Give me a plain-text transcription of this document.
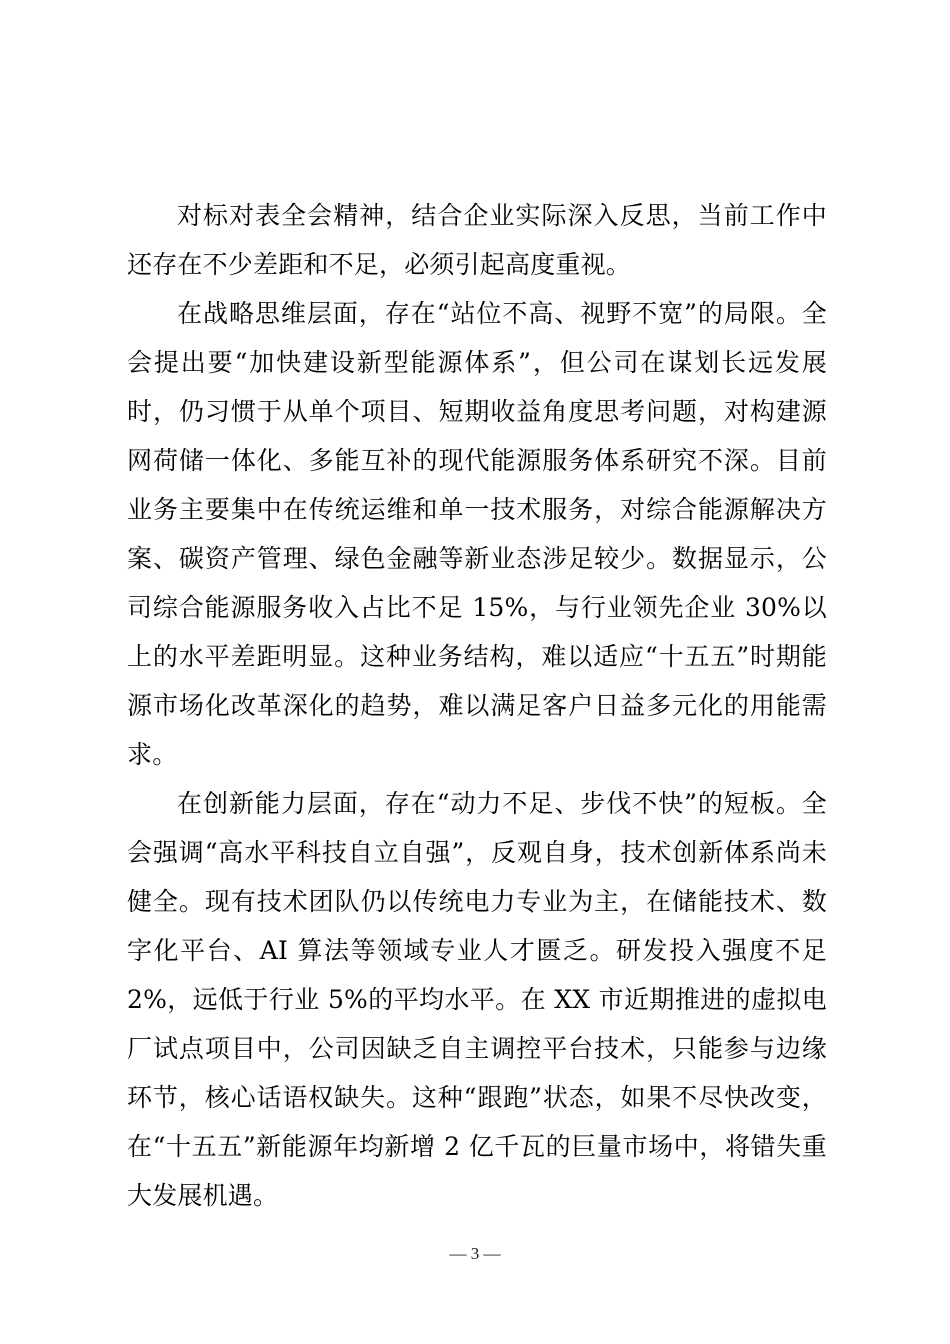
对标对表全会精神，结合企业实际深入反思，当前工作中还存在不少差距和不足，必须引起高度重视。

在战略思维层面，存在“站位不高、视野不宽”的局限。全会提出要“加快建设新型能源体系”，但公司在谋划长远发展时，仍习惯于从单个项目、短期收益角度思考问题，对构建源网荷储一体化、多能互补的现代能源服务体系研究不深。目前业务主要集中在传统运维和单一技术服务，对综合能源解决方案、碳资产管理、绿色金融等新业态涉足较少。数据显示，公司综合能源服务收入占比不足 15%，与行业领先企业 30%以上的水平差距明显。这种业务结构，难以适应“十五五”时期能源市场化改革深化的趋势，难以满足客户日益多元化的用能需求。

在创新能力层面，存在“动力不足、步伐不快”的短板。全会强调“高水平科技自立自强”，反观自身，技术创新体系尚未健全。现有技术团队仍以传统电力专业为主，在储能技术、数字化平台、AI 算法等领域专业人才匮乏。研发投入强度不足 2%，远低于行业 5%的平均水平。在 XX 市近期推进的虚拟电厂试点项目中，公司因缺乏自主调控平台技术，只能参与边缘环节，核心话语权缺失。这种“跟跑”状态，如果不尽快改变，在“十五五”新能源年均新增 2 亿千瓦的巨量市场中，将错失重大发展机遇。

— 3 —
